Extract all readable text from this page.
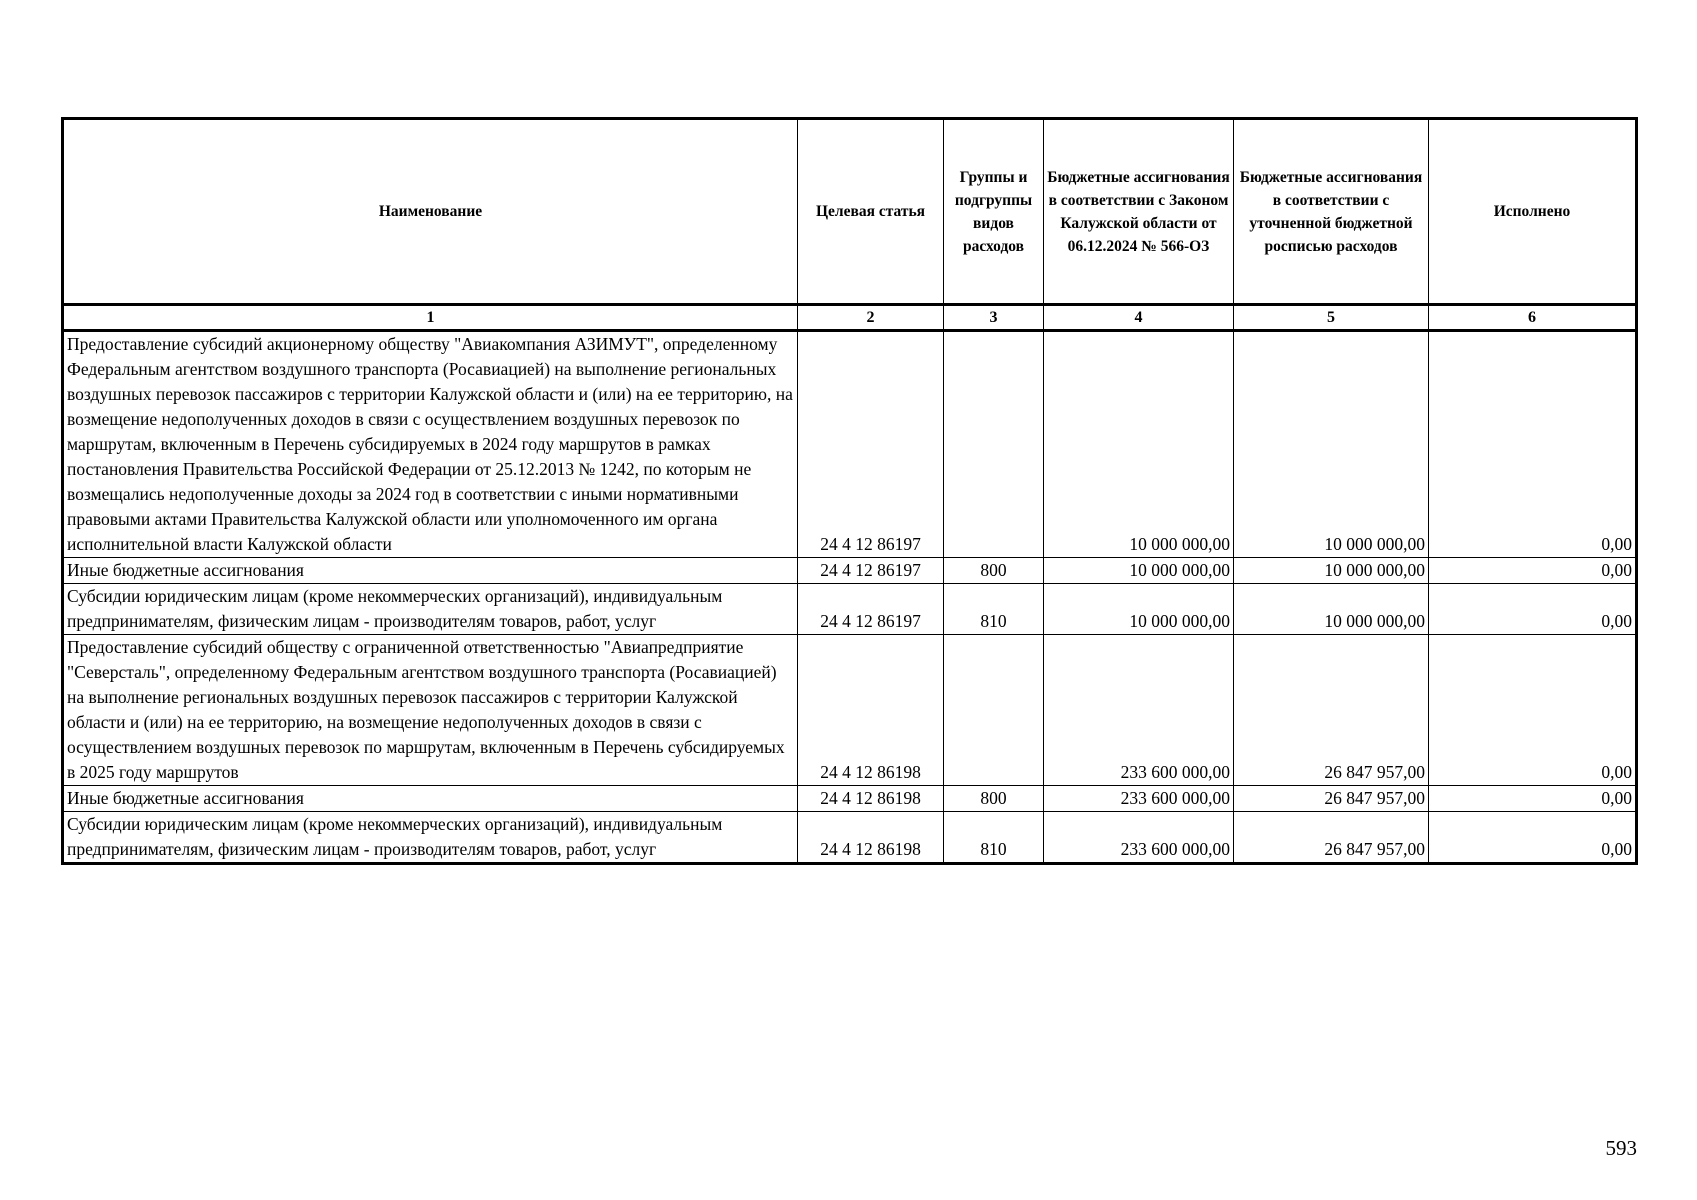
Наименование	Целевая статья	Группы и подгруппы видов расходов	Бюджетные ассигнования в соответствии с Законом Калужской области от 06.12.2024 № 566-ОЗ	Бюджетные ассигнования в соответствии с уточненной бюджетной росписью расходов	Исполнено
1	2	3	4	5	6
Предоставление субсидий акционерному обществу "Авиакомпания АЗИМУТ", определенному Федеральным агентством воздушного транспорта (Росавиацией) на выполнение региональных воздушных перевозок пассажиров с территории Калужской области и (или) на ее территорию, на возмещение недополученных доходов в связи с осуществлением воздушных перевозок по маршрутам, включенным в Перечень субсидируемых в 2024 году маршрутов в рамках постановления Правительства Российской Федерации от 25.12.2013 № 1242, по которым не возмещались недополученные доходы за 2024 год в соответствии с иными нормативными правовыми актами Правительства Калужской области или уполномоченного им органа исполнительной власти Калужской области	24 4 12 86197		10 000 000,00	10 000 000,00	0,00
Иные бюджетные ассигнования	24 4 12 86197	800	10 000 000,00	10 000 000,00	0,00
Субсидии юридическим лицам (кроме некоммерческих организаций), индивидуальным предпринимателям, физическим лицам - производителям товаров, работ, услуг	24 4 12 86197	810	10 000 000,00	10 000 000,00	0,00
Предоставление субсидий обществу с ограниченной ответственностью "Авиапредприятие "Северсталь", определенному Федеральным агентством воздушного транспорта (Росавиацией) на выполнение региональных воздушных перевозок пассажиров с территории Калужской области и (или) на ее территорию, на возмещение недополученных доходов в связи с осуществлением воздушных перевозок по маршрутам, включенным в Перечень субсидируемых в 2025 году маршрутов	24 4 12 86198		233 600 000,00	26 847 957,00	0,00
Иные бюджетные ассигнования	24 4 12 86198	800	233 600 000,00	26 847 957,00	0,00
Субсидии юридическим лицам (кроме некоммерческих организаций), индивидуальным предпринимателям, физическим лицам - производителям товаров, работ, услуг	24 4 12 86198	810	233 600 000,00	26 847 957,00	0,00
593
